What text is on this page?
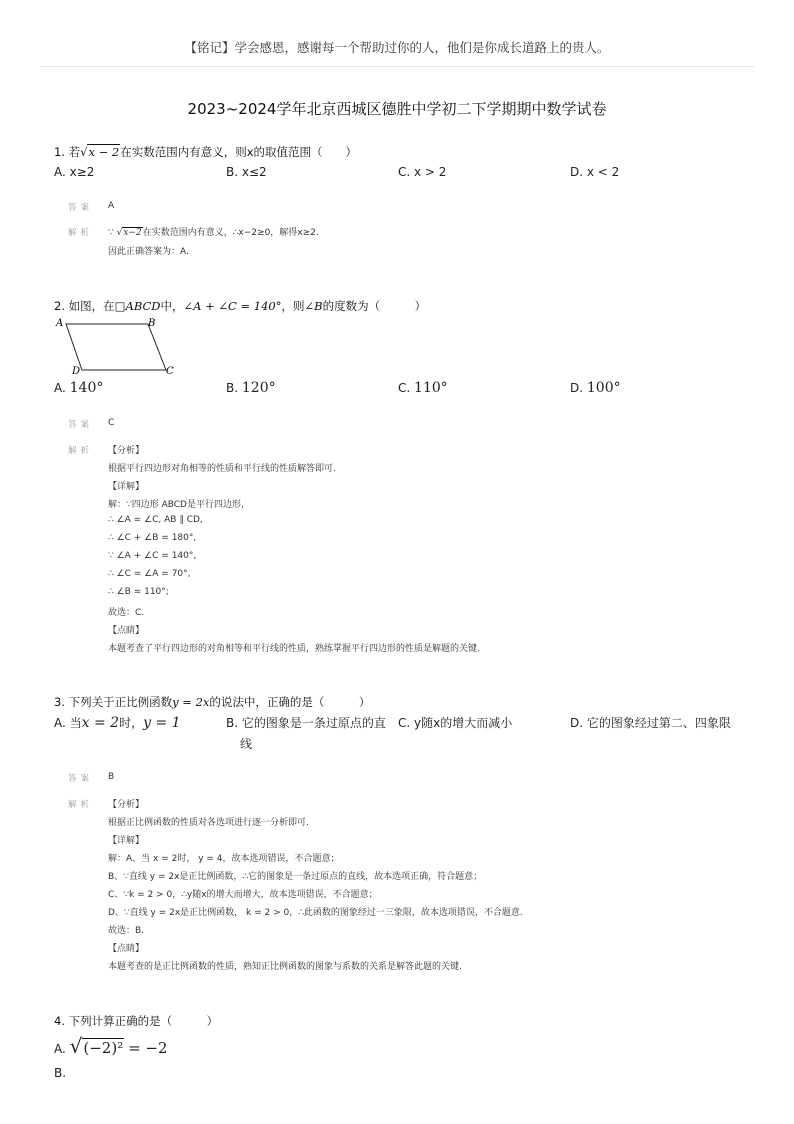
【铭记】学会感恩，感谢每一个帮助过你的人，他们是你成长道路上的贵人。
2023~2024学年北京西城区德胜中学初二下学期期中数学试卷
1. 若√x − 2在实数范围内有意义，则x的取值范围（　　）
A. x≥2	B. x≤2	C. x > 2	D. x < 2
答案 A
解析 ∵ √x−2在实数范围内有意义，∴x−2≥0，解得x≥2.
因此正确答案为：A.
2. 如图，在□ABCD中，∠A + ∠C = 140°，则∠B的度数为（　　　）
A	B
C
D
A. 140°	B. 120°	C. 110°	D. 100°
答案 C
解析 【分析】
根据平行四边形对角相等的性质和平行线的性质解答即可.
【详解】
解：∵四边形 ABCD是平行四边形,
∴ ∠A = ∠C, AB ∥ CD,
∴ ∠C + ∠B = 180°,
∵ ∠A + ∠C = 140°,
∴ ∠C = ∠A = 70°,
∴ ∠B = 110°;
故选：C.
【点睛】
本题考查了平行四边形的对角相等和平行线的性质，熟练掌握平行四边形的性质是解题的关键.
3. 下列关于正比例函数y = 2x的说法中，正确的是（　　　）
A. 当x = 2时，y = 1	B. 它的图象是一条过原点的直
线
C. y随x的增大而减小	D. 它的图象经过第二、四象限
答案 B
解析 【分析】
根据正比例函数的性质对各选项进行逐一分析即可.
【详解】
解：A、当 x = 2时， y = 4，故本选项错误，不合题意；
B、∵直线 y = 2x是正比例函数，∴它的图象是一条过原点的直线，故本选项正确，符合题意；
C、∵k = 2 > 0，∴y随x的增大而增大，故本选项错误，不合题意；
D、∵直线 y = 2x是正比例函数， k = 2 > 0，∴此函数的图象经过一三象限，故本选项错误，不合题意.
故选：B.
【点睛】
本题考查的是正比例函数的性质，熟知正比例函数的图象与系数的关系是解答此题的关键.
4. 下列计算正确的是（　　　）
A. √(−2)² = −2
B.
